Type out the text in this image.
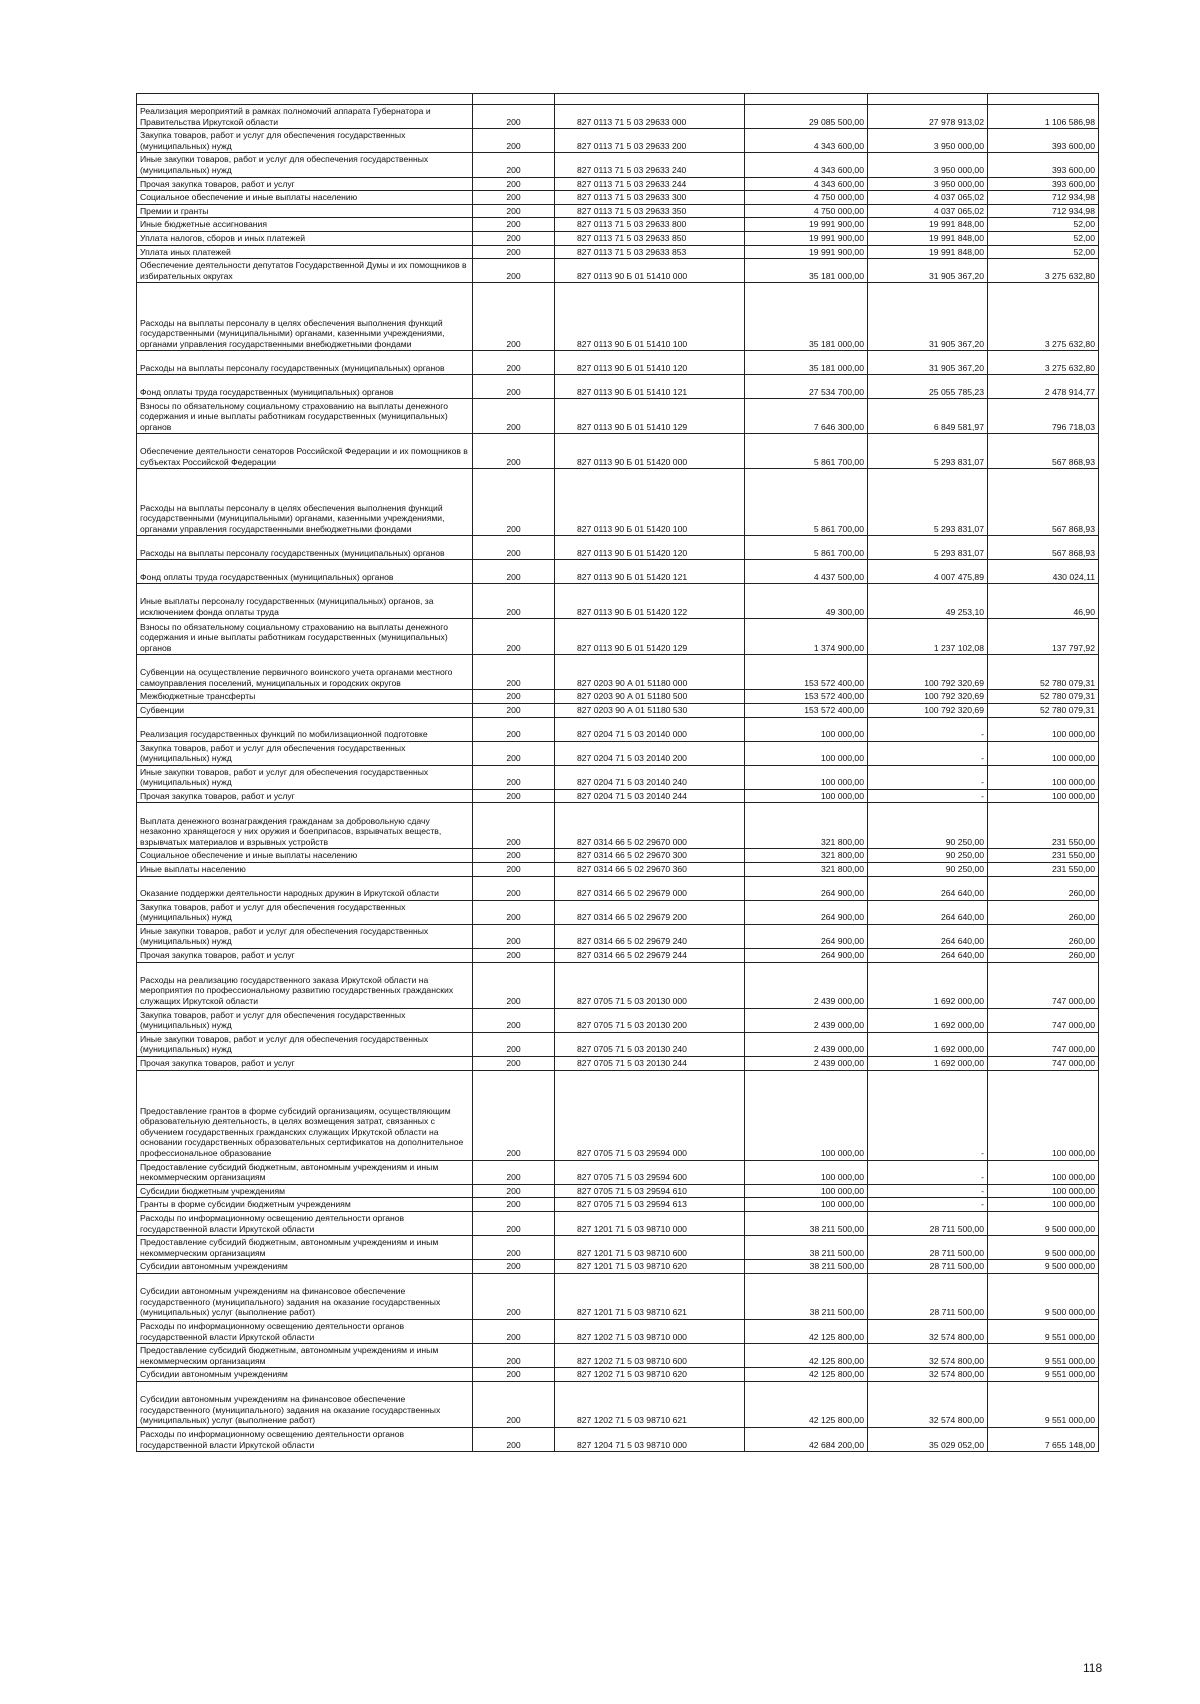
Реализация мероприятий в рамках полномочий аппарата Губернатора и Правительства Иркутской области	200	827 0113 71 5 03 29633 000	29 085 500,00	27 978 913,02	1 106 586,98
Закупка товаров, работ и услуг для обеспечения государственных (муниципальных) нужд	200	827 0113 71 5 03 29633 200	4 343 600,00	3 950 000,00	393 600,00
Иные закупки товаров, работ и услуг для обеспечения государственных (муниципальных) нужд	200	827 0113 71 5 03 29633 240	4 343 600,00	3 950 000,00	393 600,00
Прочая закупка товаров, работ и услуг	200	827 0113 71 5 03 29633 244	4 343 600,00	3 950 000,00	393 600,00
Социальное обеспечение и иные выплаты населению	200	827 0113 71 5 03 29633 300	4 750 000,00	4 037 065,02	712 934,98
Премии и гранты	200	827 0113 71 5 03 29633 350	4 750 000,00	4 037 065,02	712 934,98
Иные бюджетные ассигнования	200	827 0113 71 5 03 29633 800	19 991 900,00	19 991 848,00	52,00
Уплата налогов, сборов и иных платежей	200	827 0113 71 5 03 29633 850	19 991 900,00	19 991 848,00	52,00
Уплата иных платежей	200	827 0113 71 5 03 29633 853	19 991 900,00	19 991 848,00	52,00
Обеспечение деятельности депутатов Государственной Думы и их помощников в избирательных округах	200	827 0113 90 Б 01 51410 000	35 181 000,00	31 905 367,20	3 275 632,80
Расходы на выплаты персоналу в целях обеспечения выполнения функций государственными (муниципальными) органами, казенными учреждениями, органами управления государственными внебюджетными фондами	200	827 0113 90 Б 01 51410 100	35 181 000,00	31 905 367,20	3 275 632,80
Расходы на выплаты персоналу государственных (муниципальных) органов	200	827 0113 90 Б 01 51410 120	35 181 000,00	31 905 367,20	3 275 632,80
Фонд оплаты труда государственных (муниципальных) органов	200	827 0113 90 Б 01 51410 121	27 534 700,00	25 055 785,23	2 478 914,77
Взносы по обязательному социальному страхованию на выплаты денежного содержания и иные выплаты работникам государственных (муниципальных) органов	200	827 0113 90 Б 01 51410 129	7 646 300,00	6 849 581,97	796 718,03
Обеспечение деятельности сенаторов Российской Федерации и их помощников в субъектах Российской Федерации	200	827 0113 90 Б 01 51420 000	5 861 700,00	5 293 831,07	567 868,93
Расходы на выплаты персоналу в целях обеспечения выполнения функций государственными (муниципальными) органами, казенными учреждениями, органами управления государственными внебюджетными фондами	200	827 0113 90 Б 01 51420 100	5 861 700,00	5 293 831,07	567 868,93
Расходы на выплаты персоналу государственных (муниципальных) органов	200	827 0113 90 Б 01 51420 120	5 861 700,00	5 293 831,07	567 868,93
Фонд оплаты труда государственных (муниципальных) органов	200	827 0113 90 Б 01 51420 121	4 437 500,00	4 007 475,89	430 024,11
Иные выплаты персоналу государственных (муниципальных) органов, за исключением фонда оплаты труда	200	827 0113 90 Б 01 51420 122	49 300,00	49 253,10	46,90
Взносы по обязательному социальному страхованию на выплаты денежного содержания и иные выплаты работникам государственных (муниципальных) органов	200	827 0113 90 Б 01 51420 129	1 374 900,00	1 237 102,08	137 797,92
Субвенции на осуществление первичного воинского учета органами местного самоуправления поселений, муниципальных и городских округов	200	827 0203 90 А 01 51180 000	153 572 400,00	100 792 320,69	52 780 079,31
Межбюджетные трансферты	200	827 0203 90 А 01 51180 500	153 572 400,00	100 792 320,69	52 780 079,31
Субвенции	200	827 0203 90 А 01 51180 530	153 572 400,00	100 792 320,69	52 780 079,31
Реализация государственных функций по мобилизационной подготовке	200	827 0204 71 5 03 20140 000	100 000,00	-	100 000,00
Закупка товаров, работ и услуг для обеспечения государственных (муниципальных) нужд	200	827 0204 71 5 03 20140 200	100 000,00	-	100 000,00
Иные закупки товаров, работ и услуг для обеспечения государственных (муниципальных) нужд	200	827 0204 71 5 03 20140 240	100 000,00	-	100 000,00
Прочая закупка товаров, работ и услуг	200	827 0204 71 5 03 20140 244	100 000,00	-	100 000,00
Выплата денежного вознаграждения гражданам за добровольную сдачу незаконно хранящегося у них оружия и боеприпасов, взрывчатых веществ, взрывчатых материалов и взрывных устройств	200	827 0314 66 5 02 29670 000	321 800,00	90 250,00	231 550,00
Социальное обеспечение и иные выплаты населению	200	827 0314 66 5 02 29670 300	321 800,00	90 250,00	231 550,00
Иные выплаты населению	200	827 0314 66 5 02 29670 360	321 800,00	90 250,00	231 550,00
Оказание поддержки деятельности народных дружин в Иркутской области	200	827 0314 66 5 02 29679 000	264 900,00	264 640,00	260,00
Закупка товаров, работ и услуг для обеспечения государственных (муниципальных) нужд	200	827 0314 66 5 02 29679 200	264 900,00	264 640,00	260,00
Иные закупки товаров, работ и услуг для обеспечения государственных (муниципальных) нужд	200	827 0314 66 5 02 29679 240	264 900,00	264 640,00	260,00
Прочая закупка товаров, работ и услуг	200	827 0314 66 5 02 29679 244	264 900,00	264 640,00	260,00
Расходы на реализацию государственного заказа Иркутской области на мероприятия по профессиональному развитию государственных гражданских служащих Иркутской области	200	827 0705 71 5 03 20130 000	2 439 000,00	1 692 000,00	747 000,00
Закупка товаров, работ и услуг для обеспечения государственных (муниципальных) нужд	200	827 0705 71 5 03 20130 200	2 439 000,00	1 692 000,00	747 000,00
Иные закупки товаров, работ и услуг для обеспечения государственных (муниципальных) нужд	200	827 0705 71 5 03 20130 240	2 439 000,00	1 692 000,00	747 000,00
Прочая закупка товаров, работ и услуг	200	827 0705 71 5 03 20130 244	2 439 000,00	1 692 000,00	747 000,00
Предоставление грантов в форме субсидий организациям, осуществляющим образовательную деятельность, в целях возмещения затрат, связанных с обучением государственных гражданских служащих Иркутской области на основании государственных образовательных сертификатов на дополнительное профессиональное образование	200	827 0705 71 5 03 29594 000	100 000,00	-	100 000,00
Предоставление субсидий бюджетным, автономным учреждениям и иным некоммерческим организациям	200	827 0705 71 5 03 29594 600	100 000,00	-	100 000,00
Субсидии бюджетным учреждениям	200	827 0705 71 5 03 29594 610	100 000,00	-	100 000,00
Гранты в форме субсидии бюджетным учреждениям	200	827 0705 71 5 03 29594 613	100 000,00	-	100 000,00
Расходы по информационному освещению деятельности органов государственной власти Иркутской области	200	827 1201 71 5 03 98710 000	38 211 500,00	28 711 500,00	9 500 000,00
Предоставление субсидий бюджетным, автономным учреждениям и иным некоммерческим организациям	200	827 1201 71 5 03 98710 600	38 211 500,00	28 711 500,00	9 500 000,00
Субсидии автономным учреждениям	200	827 1201 71 5 03 98710 620	38 211 500,00	28 711 500,00	9 500 000,00
Субсидии автономным учреждениям на финансовое обеспечение государственного (муниципального) задания на оказание государственных (муниципальных) услуг (выполнение работ)	200	827 1201 71 5 03 98710 621	38 211 500,00	28 711 500,00	9 500 000,00
Расходы по информационному освещению деятельности органов государственной власти Иркутской области	200	827 1202 71 5 03 98710 000	42 125 800,00	32 574 800,00	9 551 000,00
Предоставление субсидий бюджетным, автономным учреждениям и иным некоммерческим организациям	200	827 1202 71 5 03 98710 600	42 125 800,00	32 574 800,00	9 551 000,00
Субсидии автономным учреждениям	200	827 1202 71 5 03 98710 620	42 125 800,00	32 574 800,00	9 551 000,00
Субсидии автономным учреждениям на финансовое обеспечение государственного (муниципального) задания на оказание государственных (муниципальных) услуг (выполнение работ)	200	827 1202 71 5 03 98710 621	42 125 800,00	32 574 800,00	9 551 000,00
Расходы по информационному освещению деятельности органов государственной власти Иркутской области	200	827 1204 71 5 03 98710 000	42 684 200,00	35 029 052,00	7 655 148,00
118
